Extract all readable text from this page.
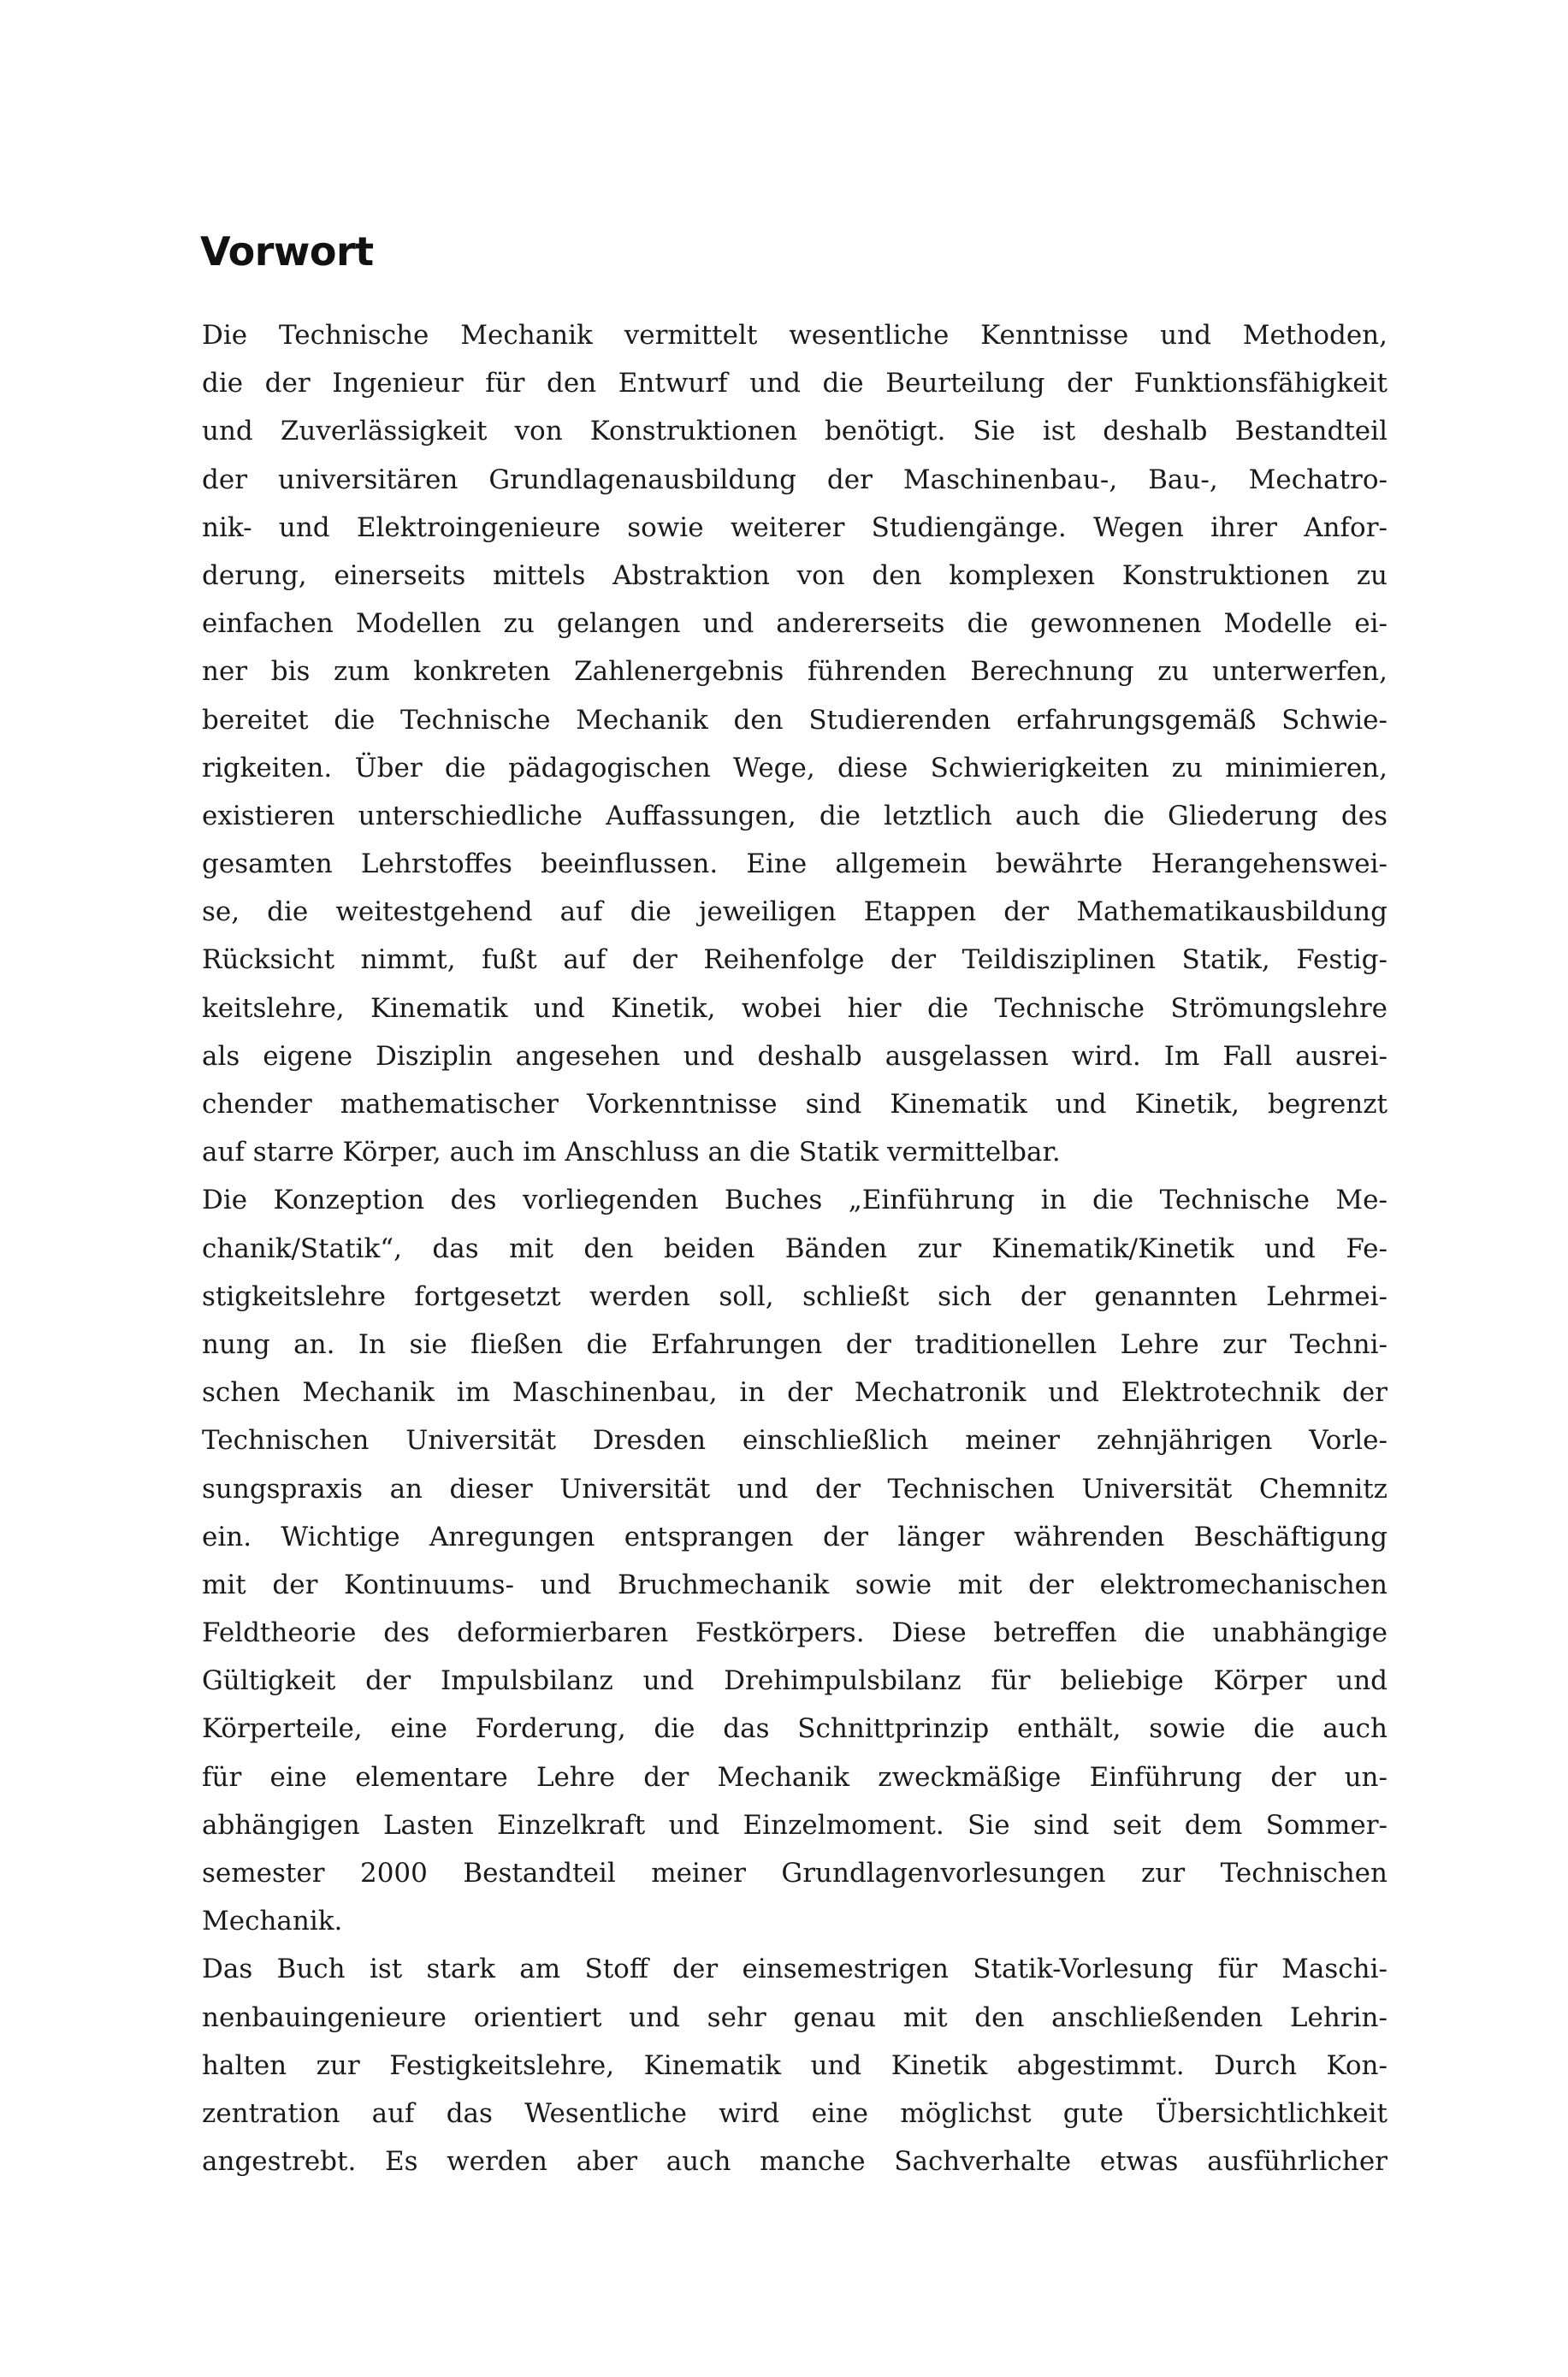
Vorwort
Die Technische Mechanik vermittelt wesentliche Kenntnisse und Methoden,
die der Ingenieur für den Entwurf und die Beurteilung der Funktionsfähigkeit
und Zuverlässigkeit von Konstruktionen benötigt. Sie ist deshalb Bestandteil
der universitären Grundlagenausbildung der Maschinenbau-, Bau-, Mechatro-
nik- und Elektroingenieure sowie weiterer Studiengänge. Wegen ihrer Anfor-
derung, einerseits mittels Abstraktion von den komplexen Konstruktionen zu
einfachen Modellen zu gelangen und andererseits die gewonnenen Modelle ei-
ner bis zum konkreten Zahlenergebnis führenden Berechnung zu unterwerfen,
bereitet die Technische Mechanik den Studierenden erfahrungsgemäß Schwie-
rigkeiten. Über die pädagogischen Wege, diese Schwierigkeiten zu minimieren,
existieren unterschiedliche Auffassungen, die letztlich auch die Gliederung des
gesamten Lehrstoffes beeinflussen. Eine allgemein bewährte Herangehenswei-
se, die weitestgehend auf die jeweiligen Etappen der Mathematikausbildung
Rücksicht nimmt, fußt auf der Reihenfolge der Teildisziplinen Statik, Festig-
keitslehre, Kinematik und Kinetik, wobei hier die Technische Strömungslehre
als eigene Disziplin angesehen und deshalb ausgelassen wird. Im Fall ausrei-
chender mathematischer Vorkenntnisse sind Kinematik und Kinetik, begrenzt
auf starre Körper, auch im Anschluss an die Statik vermittelbar.
Die Konzeption des vorliegenden Buches „Einführung in die Technische Me-
chanik/Statik“, das mit den beiden Bänden zur Kinematik/Kinetik und Fe-
stigkeitslehre fortgesetzt werden soll, schließt sich der genannten Lehrmei-
nung an. In sie fließen die Erfahrungen der traditionellen Lehre zur Techni-
schen Mechanik im Maschinenbau, in der Mechatronik und Elektrotechnik der
Technischen Universität Dresden einschließlich meiner zehnjährigen Vorle-
sungspraxis an dieser Universität und der Technischen Universität Chemnitz
ein. Wichtige Anregungen entsprangen der länger währenden Beschäftigung
mit der Kontinuums- und Bruchmechanik sowie mit der elektromechanischen
Feldtheorie des deformierbaren Festkörpers. Diese betreffen die unabhängige
Gültigkeit der Impulsbilanz und Drehimpulsbilanz für beliebige Körper und
Körperteile, eine Forderung, die das Schnittprinzip enthält, sowie die auch
für eine elementare Lehre der Mechanik zweckmäßige Einführung der un-
abhängigen Lasten Einzelkraft und Einzelmoment. Sie sind seit dem Sommer-
semester 2000 Bestandteil meiner Grundlagenvorlesungen zur Technischen
Mechanik.
Das Buch ist stark am Stoff der einsemestrigen Statik-Vorlesung für Maschi-
nenbauingenieure orientiert und sehr genau mit den anschließenden Lehrin-
halten zur Festigkeitslehre, Kinematik und Kinetik abgestimmt. Durch Kon-
zentration auf das Wesentliche wird eine möglichst gute Übersichtlichkeit
angestrebt. Es werden aber auch manche Sachverhalte etwas ausführlicher
